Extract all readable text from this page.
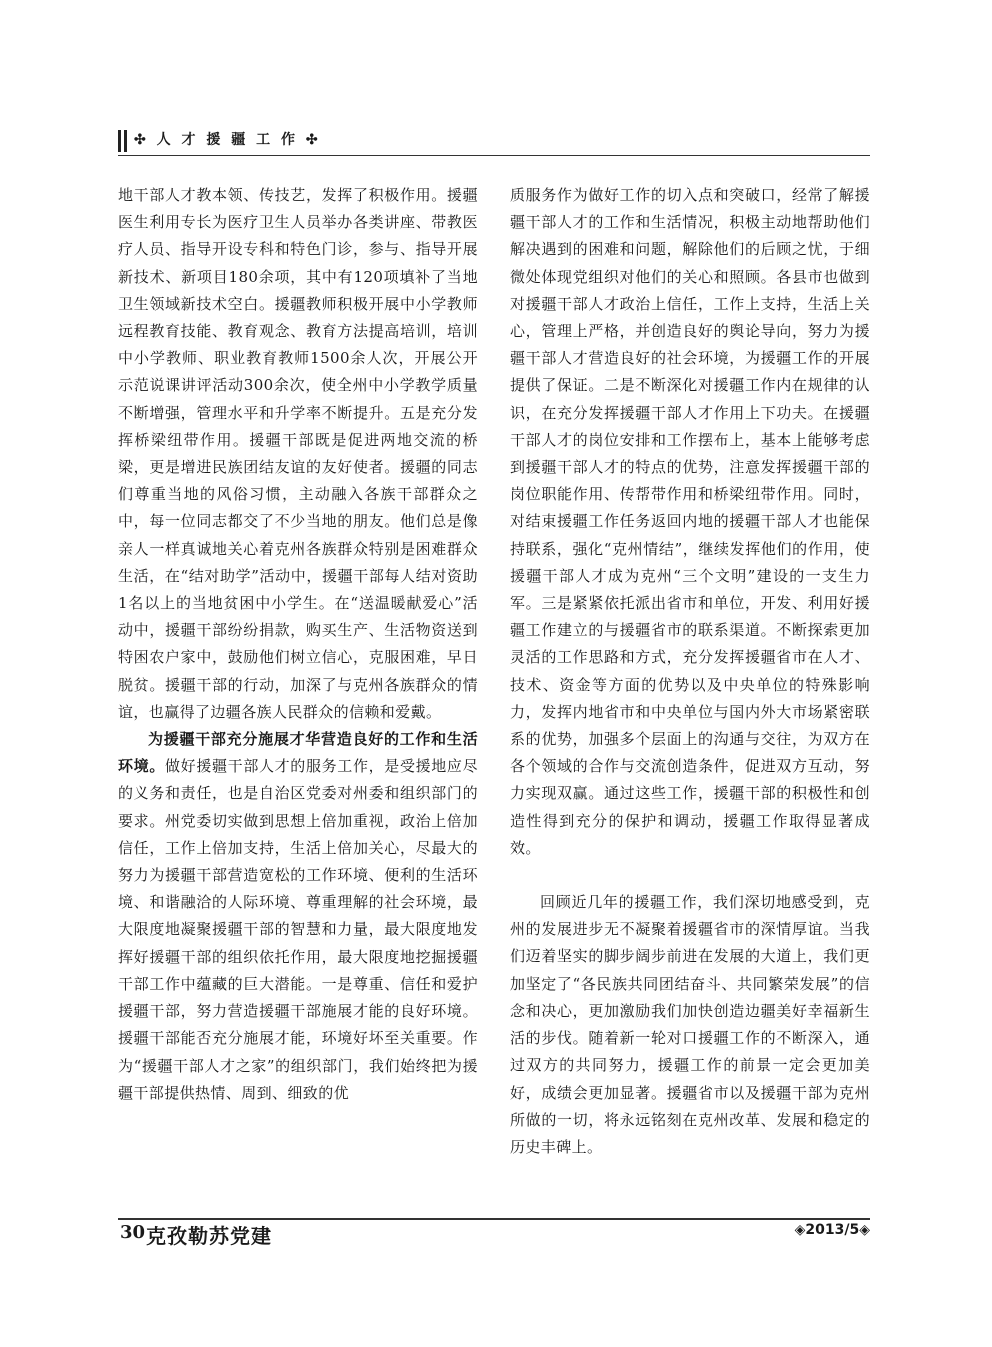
✣ 人 才 援 疆 工 作 ✣

地干部人才教本领、传技艺，发挥了积极作用。援疆医生利用专长为医疗卫生人员举办各类讲座、带教医疗人员、指导开设专科和特色门诊，参与、指导开展新技术、新项目180余项，其中有120项填补了当地卫生领域新技术空白。援疆教师积极开展中小学教师远程教育技能、教育观念、教育方法提高培训，培训中小学教师、职业教育教师1500余人次，开展公开示范说课讲评活动300余次，使全州中小学教学质量不断增强，管理水平和升学率不断提升。五是充分发挥桥梁纽带作用。援疆干部既是促进两地交流的桥梁，更是增进民族团结友谊的友好使者。援疆的同志们尊重当地的风俗习惯，主动融入各族干部群众之中，每一位同志都交了不少当地的朋友。他们总是像亲人一样真诚地关心着克州各族群众特别是困难群众生活，在“结对助学”活动中，援疆干部每人结对资助1名以上的当地贫困中小学生。在“送温暖献爱心”活动中，援疆干部纷纷捐款，购买生产、生活物资送到特困农户家中，鼓励他们树立信心，克服困难，早日脱贫。援疆干部的行动，加深了与克州各族群众的情谊，也赢得了边疆各族人民群众的信赖和爱戴。

为援疆干部充分施展才华营造良好的工作和生活环境。做好援疆干部人才的服务工作，是受援地应尽的义务和责任，也是自治区党委对州委和组织部门的要求。州党委切实做到思想上倍加重视，政治上倍加信任，工作上倍加支持，生活上倍加关心，尽最大的努力为援疆干部营造宽松的工作环境、便利的生活环境、和谐融洽的人际环境、尊重理解的社会环境，最大限度地凝聚援疆干部的智慧和力量，最大限度地发挥好援疆干部的组织依托作用，最大限度地挖掘援疆干部工作中蕴藏的巨大潜能。一是尊重、信任和爱护援疆干部，努力营造援疆干部施展才能的良好环境。援疆干部能否充分施展才能，环境好坏至关重要。作为“援疆干部人才之家”的组织部门，我们始终把为援疆干部提供热情、周到、细致的优

质服务作为做好工作的切入点和突破口，经常了解援疆干部人才的工作和生活情况，积极主动地帮助他们解决遇到的困难和问题，解除他们的后顾之忧，于细微处体现党组织对他们的关心和照顾。各县市也做到对援疆干部人才政治上信任，工作上支持，生活上关心，管理上严格，并创造良好的舆论导向，努力为援疆干部人才营造良好的社会环境，为援疆工作的开展提供了保证。二是不断深化对援疆工作内在规律的认识，在充分发挥援疆干部人才作用上下功夫。在援疆干部人才的岗位安排和工作摆布上，基本上能够考虑到援疆干部人才的特点的优势，注意发挥援疆干部的岗位职能作用、传帮带作用和桥梁纽带作用。同时，对结束援疆工作任务返回内地的援疆干部人才也能保持联系，强化“克州情结”，继续发挥他们的作用，使援疆干部人才成为克州“三个文明”建设的一支生力军。三是紧紧依托派出省市和单位，开发、利用好援疆工作建立的与援疆省市的联系渠道。不断探索更加灵活的工作思路和方式，充分发挥援疆省市在人才、技术、资金等方面的优势以及中央单位的特殊影响力，发挥内地省市和中央单位与国内外大市场紧密联系的优势，加强多个层面上的沟通与交往，为双方在各个领域的合作与交流创造条件，促进双方互动，努力实现双赢。通过这些工作，援疆干部的积极性和创造性得到充分的保护和调动，援疆工作取得显著成效。

回顾近几年的援疆工作，我们深切地感受到，克州的发展进步无不凝聚着援疆省市的深情厚谊。当我们迈着坚实的脚步阔步前进在发展的大道上，我们更加坚定了“各民族共同团结奋斗、共同繁荣发展”的信念和决心，更加激励我们加快创造边疆美好幸福新生活的步伐。随着新一轮对口援疆工作的不断深入，通过双方的共同努力，援疆工作的前景一定会更加美好，成绩会更加显著。援疆省市以及援疆干部为克州所做的一切，将永远铭刻在克州改革、发展和稳定的历史丰碑上。

30 克孜勒苏党建	◈2013/5◈
